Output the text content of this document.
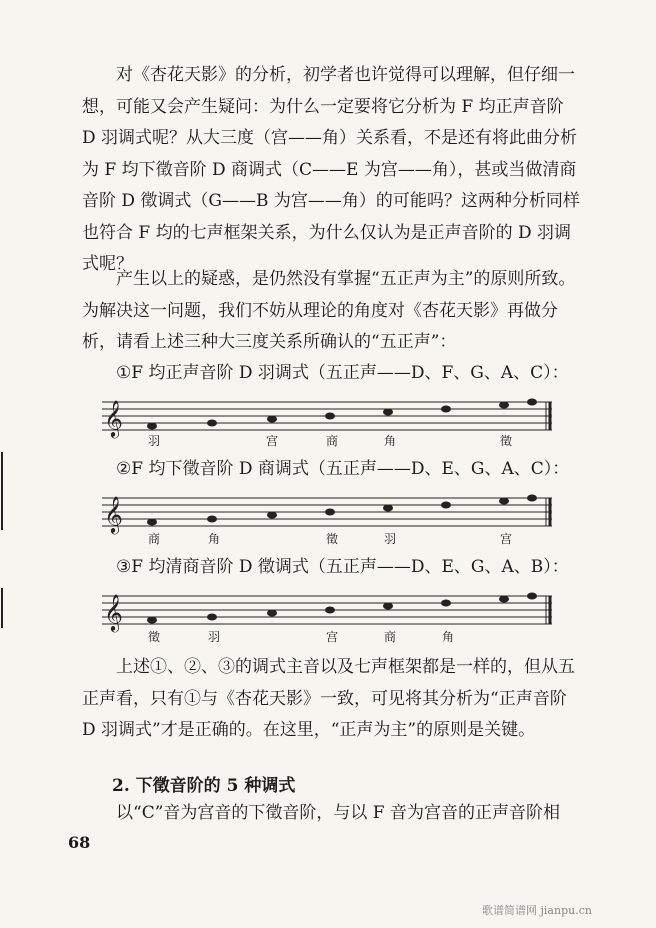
对《杏花天影》的分析，初学者也许觉得可以理解，但仔细一想，可能又会产生疑问：为什么一定要将它分析为 F 均正声音阶 D 羽调式呢？从大三度（宫——角）关系看，不是还有将此曲分析为 F 均下徵音阶 D 商调式（C——E 为宫——角），甚或当做清商音阶 D 徵调式（G——B 为宫——角）的可能吗？这两种分析同样也符合 F 均的七声框架关系，为什么仅认为是正声音阶的 D 羽调式呢？

产生以上的疑惑，是仍然没有掌握“五正声为主”的原则所致。为解决这一问题，我们不妨从理论的角度对《杏花天影》再做分析，请看上述三种大三度关系所确认的“五正声”：

①F 均正声音阶 D 羽调式（五正声——D、F、G、A、C）：

𝄞
羽	宫	商	角	徵

②F 均下徵音阶 D 商调式（五正声——D、E、G、A、C）：

𝄞
商	角	徵	羽	宫

③F 均清商音阶 D 徵调式（五正声——D、E、G、A、B）：

𝄞
徵	羽	宫	商	角

上述①、②、③的调式主音以及七声框架都是一样的，但从五正声看，只有①与《杏花天影》一致，可见将其分析为“正声音阶 D 羽调式”才是正确的。在这里，“正声为主”的原则是关键。

2. 下徵音阶的 5 种调式

以“C”音为宫音的下徵音阶，与以 F 音为宫音的正声音阶相

68
歌谱简谱网 jianpu.cn
